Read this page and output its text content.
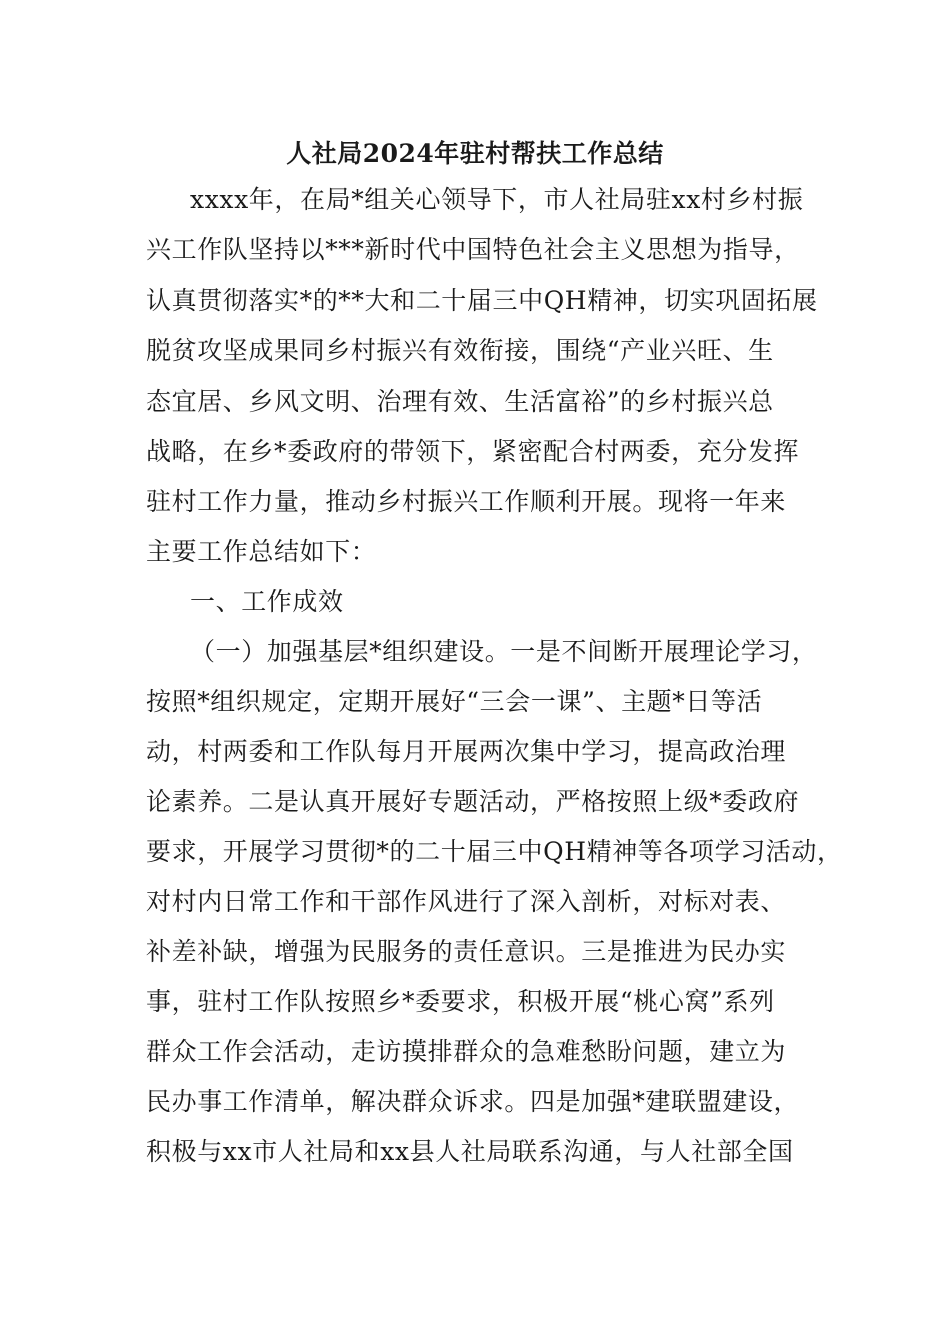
人社局2024年驻村帮扶工作总结
xxxx年，在局*组关心领导下，市人社局驻xx村乡村振
兴工作队坚持以***新时代中国特色社会主义思想为指导，
认真贯彻落实*的**大和二十届三中QH精神，切实巩固拓展
脱贫攻坚成果同乡村振兴有效衔接，围绕“产业兴旺、生
态宜居、乡风文明、治理有效、生活富裕”的乡村振兴总
战略，在乡*委政府的带领下，紧密配合村两委，充分发挥
驻村工作力量，推动乡村振兴工作顺利开展。现将一年来
主要工作总结如下：
一、工作成效
（一）加强基层*组织建设。一是不间断开展理论学习，
按照*组织规定，定期开展好“三会一课”、主题*日等活
动，村两委和工作队每月开展两次集中学习，提高政治理
论素养。二是认真开展好专题活动，严格按照上级*委政府
要求，开展学习贯彻*的二十届三中QH精神等各项学习活动，
对村内日常工作和干部作风进行了深入剖析，对标对表、
补差补缺，增强为民服务的责任意识。三是推进为民办实
事，驻村工作队按照乡*委要求，积极开展“桃心窝”系列
群众工作会活动，走访摸排群众的急难愁盼问题，建立为
民办事工作清单，解决群众诉求。四是加强*建联盟建设，
积极与xx市人社局和xx县人社局联系沟通，与人社部全国
